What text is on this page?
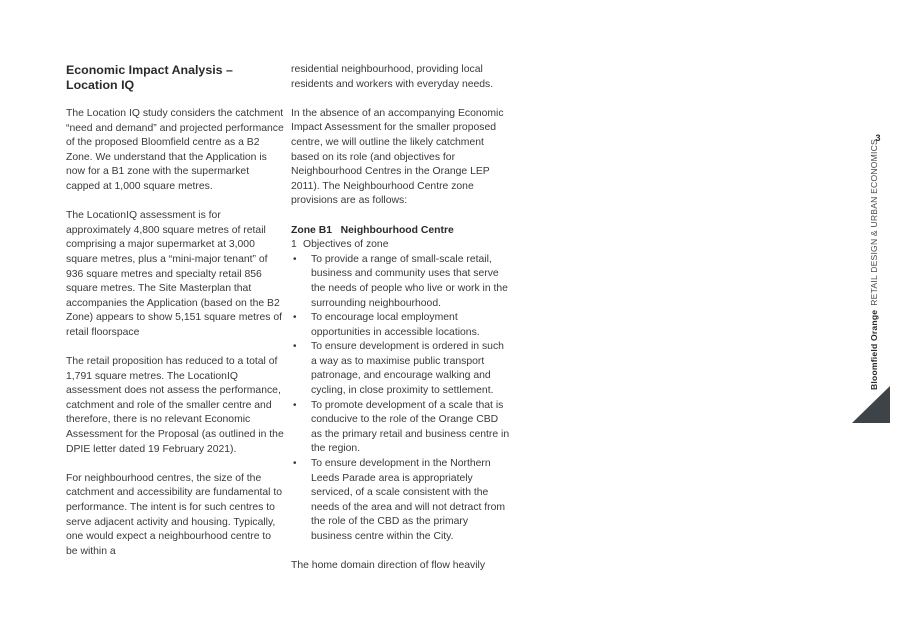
Economic Impact Analysis – Location IQ

The Location IQ study considers the catchment “need and demand” and projected performance of the proposed Bloomfield centre as a B2 Zone. We understand that the Application is now for a B1 zone with the supermarket capped at 1,000 square metres.

The LocationIQ assessment is for approximately 4,800 square metres of retail comprising a major supermarket at 3,000 square metres, plus a “mini-major tenant” of 936 square metres and specialty retail 856 square metres. The Site Masterplan that accompanies the Application (based on the B2 Zone) appears to show 5,151 square metres of retail floorspace

The retail proposition has reduced to a total of 1,791 square metres. The LocationIQ assessment does not assess the performance, catchment and role of the smaller centre and therefore, there is no relevant Economic Assessment for the Proposal (as outlined in the DPIE letter dated 19 February 2021).

For neighbourhood centres, the size of the catchment and accessibility are fundamental to performance. The intent is for such centres to serve adjacent activity and housing. Typically, one would expect a neighbourhood centre to be within a

residential neighbourhood, providing local residents and workers with everyday needs.

In the absence of an accompanying Economic Impact Assessment for the smaller proposed centre, we will outline the likely catchment based on its role (and objectives for Neighbourhood Centres in the Orange LEP 2011). The Neighbourhood Centre zone provisions are as follows:

Zone B1   Neighbourhood Centre

1 Objectives of zone

•	To provide a range of small-scale retail, business and community uses that serve the needs of people who live or work in the surrounding neighbourhood.
•	To encourage local employment opportunities in accessible locations.
•	To ensure development is ordered in such a way as to maximise public transport patronage, and encourage walking and cycling, in close proximity to settlement.
•	To promote development of a scale that is conducive to the role of the Orange CBD as the primary retail and business centre in the region.
•	To ensure development in the Northern Leeds Parade area is appropriately serviced, of a scale consistent with the needs of the area and will not detract from the role of the CBD as the primary business centre within the City.

The home domain direction of flow heavily

3
Bloomfield OrangeRETAIL DESIGN & URBAN ECONOMICS
